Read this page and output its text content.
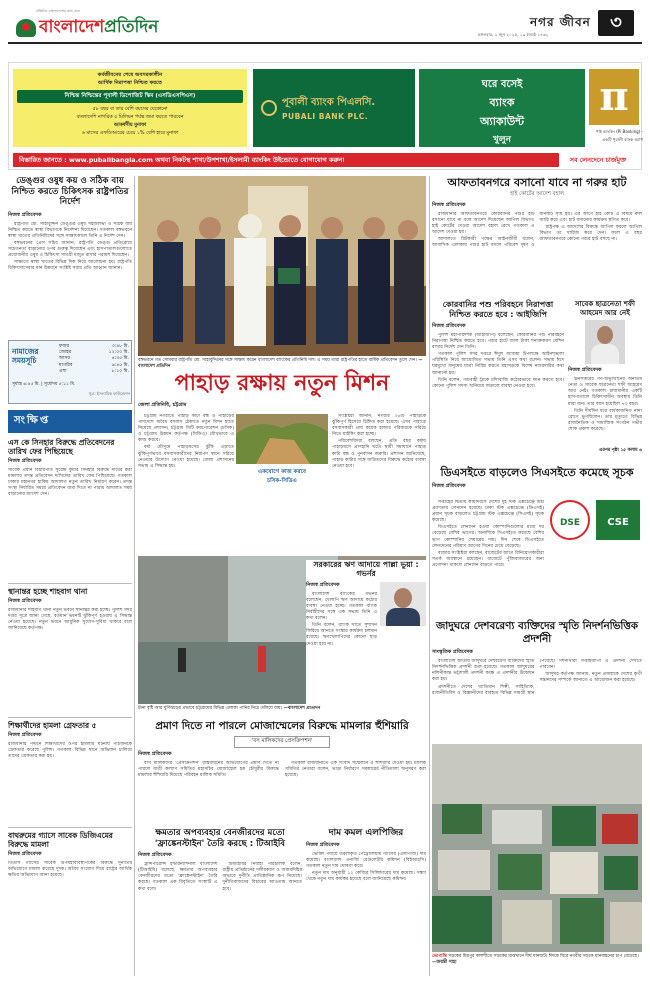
প্রতিদিন বাংলাদেশের কথা বলে
বাংলাদেশ প্রতিদিন	নগর জীবন	৩
মঙ্গলবার, ২ জুন ২০২৫, ১৯ জ্যৈষ্ঠ ১৪৩২
কর্মজীবনের শেষে অবসরকালীন
আর্থিক নিরাপত্তা নিশ্চিত করতে
নিশ্চিন্ত নিশ্চিন্তের পূবালী ডিপোজিট স্কিম (এসডিএসপিএস)
৫৮ বছর বা তার বেশি বয়সের যেকোনো
বাংলাদেশি নাগরিক ৫ মিলিয়ন পর্যন্ত জমা করতে পারবেন
আকর্ষণীয় মুনাফা
৬ মাসের এফডিআরের চেয়ে ১% বেশি হারে মুনাফা
পূবালী ব্যাংক পিএলসি.
PUBALI BANK PLC.
ঘরে বসেই
ব্যাংক
অ্যাকাউন্ট
খুলুন
π
পাই ব্যাংকিং (Pi Banking) -
একটি পূবালী ব্যাংক অ্যাপ
বিস্তারিত জানতে : www.pubalibangla.com অথবা নিকটস্থ শাখা/উপশাখা/ইসলামী ব্যাংকিং উইন্ডোতে যোগাযোগ করুন।	সব লেনদেনে চার্জমুক্ত
ডেঙ্গুর ওষুধ কয় ও সঠিক বায় নিশ্চিত করতে চিকিৎসক রাষ্ট্রপতির নির্দেশ
নিজস্ব প্রতিবেদক

রাষ্ট্রপতি মো. সাহাবুদ্দিন ডেঙ্গুর ওষুধ সহজলভ্য ও সঠিক ব্যয় নিশ্চিত করতে স্বাস্থ্য বিভাগকে নির্দেশনা দিয়েছেন। গতকাল বঙ্গভবনে স্বাস্থ্য খাতের প্রতিনিধিদের সঙ্গে সাক্ষাৎকালে তিনি এ নির্দেশ দেন।

বঙ্গভবনের প্রেস সচিব জানান, রাষ্ট্রপতি ডেঙ্গু প্রতিরোধে সচেতনতা বাড়ানোর ওপর গুরুত্ব দিয়েছেন এবং হাসপাতালগুলোতে প্রয়োজনীয় ওষুধ ও চিকিৎসা সামগ্রী মজুত রাখার পরামর্শ দিয়েছেন।

সাক্ষাতে স্বাস্থ্য খাতের বিভিন্ন দিক নিয়ে আলোচনা হয়। রাষ্ট্রপতি চিকিৎসাসেবার মান উন্নয়নে সংশ্লিষ্ট সবার প্রতি আহ্বান জানান।

বঙ্গভবনে গত সোমবার রাষ্ট্রপতি মো. সাহাবুদ্দিনের সঙ্গে সাক্ষাৎ করেন বাংলাদেশ ব্যাংকের প্রতিনিধি দল। এ সময় তারা রাষ্ট্রপতির হাতে বার্ষিক প্রতিবেদন তুলে দেন। —বাংলাদেশ প্রতিদিন
আফতাবনগরে বসানো যাবে না গরুর হাট
হাই কোর্টের আদেশ বহাল
নিজস্ব প্রতিবেদক

রাজধানীর আফতাবনগরে কোরবানির পশুর হাট বসানো যাবে না বলে আদেশ দিয়েছেন আপিল বিভাগ। হাই কোর্টের দেওয়া আদেশ বহাল রেখে গতকাল এ আদেশ দেওয়া হয়।

আদালতে রিটকারী পক্ষের আইনজীবী বলেন, আবাসিক এলাকায় পশুর হাট বসলে পরিবেশ দূষণ ও যানজট সৃষ্টি হয়। এর আগে হাই কোর্ট এ বিষয়ে রুল জারি করে এবং হাট বসানোর কার্যক্রম স্থগিত করে।

রাষ্ট্রপক্ষ এ আদেশের বিরুদ্ধে আপিল করলে আপিল বিভাগ তা খারিজ করে দেন। ফলে এ বছর আফতাবনগরে কোনো পশুর হাট বসছে না।

কোরবানির পশু পরিবহনে নিরাপত্তা নিশ্চিত করতে হবে : আইজিপি
নিজস্ব প্রতিবেদক

পুলিশ মহাপরিদর্শক (আইজিপি) বলেছেন, কোরবানির পশু পরিবহনে নিরাপত্তা নিশ্চিত করতে হবে। পশুর হাটে জাল টাকা শনাক্তকরণ মেশিন রাখার নির্দেশ দেন তিনি।

গতকাল পুলিশ সদর দপ্তরে ঈদুল আজহা উপলক্ষে আইনশৃঙ্খলা পরিস্থিতি নিয়ে আয়োজিত সভায় তিনি এসব কথা বলেন। সভায় ঈদে ঘরমুখো মানুষের যাত্রা নির্বিঘ্ন করতে মহাসড়কে বিশেষ নজরদারির কথা জানানো হয়।

তিনি বলেন, পশুবাহী ট্রাকে চাঁদাবাজি কঠোরভাবে দমন করতে হবে। কোনো পুলিশ সদস্য অনিয়মে জড়ালে ব্যবস্থা নেওয়া হবে।

সাবেক ছাত্রনেতা শফী আহমেদ আর নেই
নিজস্ব প্রতিবেদক

ঊনসত্তরের গণ-অভ্যুত্থানের অন্যতম নেতা ও সাবেক ছাত্রনেতা শফী আহমেদ আর নেই। গতকাল রাজধানীর একটি হাসপাতালে চিকিৎসাধীন অবস্থায় তিনি মারা যান। তার বয়স হয়েছিল ৭৩ বছর।

তিনি দীর্ঘদিন ধরে বার্ধক্যজনিত নানা রোগে ভুগছিলেন। তার মৃত্যুতে বিভিন্ন রাজনৈতিক ও সামাজিক সংগঠন গভীর শোক প্রকাশ করেছে।

এরপর পৃষ্ঠা ১৫ কলাম ৬
নামাজের সময়সূচি
ফজর	৩:৪৮ মি.
জোহর	১২:০০ মি.
আসর	৪:৩৫ মি.
মাগরিব	৬:৪৫ মি.
এশা	৮:১০ মি.
সূর্যাস্ত ৬:৪৫ মি. | সূর্যোদয় ৫:১১ মি.
সূত্র: ইসলামিক ফাউন্ডেশন
সংক্ষিপ্ত
এস কে সিনহার বিরুদ্ধে প্রতিবেদনের তারিখ ফের পিছিয়েছে
নিজস্ব প্রতিবেদক
সাবেক প্রধান বিচারপতি সুরেন্দ্র কুমার সিনহার বিরুদ্ধে দায়ের করা মামলায় তদন্ত প্রতিবেদন দাখিলের তারিখ ফের পিছিয়েছে। গতকাল ঢাকার মহানগর হাকিম আদালত নতুন তারিখ নির্ধারণ করেন। তদন্ত সংস্থা নির্ধারিত সময়ে প্রতিবেদন জমা দিতে না পারায় আদালত সময় বাড়ানোর আদেশ দেন।
স্থানান্তর হচ্ছে শাহবাগ থানা
নিজস্ব প্রতিবেদক
রাজধানীর শাহবাগ থানা নতুন ভবনে স্থানান্তর করা হচ্ছে। পুলিশ সদর দপ্তর সূত্রে জানা গেছে, বর্তমান ভবনটি ঝুঁকিপূর্ণ হওয়ায় এ সিদ্ধান্ত নেওয়া হয়েছে। নতুন ভবনে আধুনিক সুযোগ-সুবিধা থাকবে বলে জানিয়েছে কর্তৃপক্ষ।
শিক্ষার্থীদের হামলা গ্রেফতার ৫
নিজস্ব প্রতিবেদক
রাজধানীর পল্টনে শিক্ষার্থীদের ওপর হামলার ঘটনায় পাঁচজনকে গ্রেফতার করেছে পুলিশ। গতকাল বিভিন্ন স্থানে অভিযান চালিয়ে তাদের গ্রেফতার করা হয়।
বাথরুমের গ্যাসে সাবেক ডিজিএমের বিরুদ্ধে মামলা
নিজস্ব প্রতিবেদক
তিতাস গ্যাসের সাবেক উপমহাব্যবস্থাপকের বিরুদ্ধে দুর্নীতির অভিযোগে মামলা করেছে দুদক। অবৈধ সংযোগ দিয়ে রাষ্ট্রের আর্থিক ক্ষতির অভিযোগ আনা হয়েছে।
পাহাড় রক্ষায় নতুন মিশন
জেলা প্রতিনিধি, চট্টগ্রাম
একযোগে কাজ করবে
চসিক-সিডিএ

চট্টগ্রাম নগরীতে পাহাড় কাটা বন্ধ ও পাহাড়ের পাদদেশে অবৈধ বসবাস ঠেকাতে নতুন মিশন হাতে নিয়েছে প্রশাসন। চট্টগ্রাম সিটি করপোরেশন (চসিক) ও চট্টগ্রাম উন্নয়ন কর্তৃপক্ষ (সিডিএ) যৌথভাবে এ কাজ করবে।

বর্ষা মৌসুমে পাহাড়ধসের ঝুঁকি এড়াতে ঝুঁকিপূর্ণভাবে বসবাসকারীদের নিরাপদ স্থানে সরিয়ে নেওয়ার উদ্যোগ নেওয়া হয়েছে। জেলা প্রশাসনের সভায় এ সিদ্ধান্ত হয়।

সংশ্লিষ্টরা জানান, নগরীর ২৬টি পাহাড়কে ঝুঁকিপূর্ণ হিসেবে চিহ্নিত করা হয়েছে। এসব পাহাড়ে বসবাসকারী প্রায় কয়েক হাজার পরিবারকে সরিয়ে নিতে মাইকিং করা হচ্ছে।

পরিবেশবিদরা বলছেন, প্রতি বছর বর্ষায় পাহাড়ধসে প্রাণহানি ঘটে। স্থায়ী সমাধানে পাহাড় কাটা বন্ধ ও পুনর্বাসন জরুরি। প্রশাসন জানিয়েছে, পাহাড় কাটার সঙ্গে জড়িতদের বিরুদ্ধে কঠোর ব্যবস্থা নেওয়া হবে।

টানা বৃষ্টি আর ঘুর্ণিঝড়ের প্রভাবে চট্টগ্রামের বিভিন্ন এলাকা পানির নিচে তলিয়ে যায়। —বাংলাদেশ প্রতিদিন
প্রমাণ দিতে না পারলে মোজাম্মেলের বিরুদ্ধে মামলার হুঁশিয়ারি
'বস মালিকদের প্রেসক্রিপশন'
নিজস্ব প্রতিবেদক

বাস মালিকদের 'প্রেসক্রিপশন' বাস্তবায়নের অভিযোগের প্রমাণ দিতে না পারলে যাত্রী কল্যাণ সমিতির মহাসচিব মোজাম্মেল হক চৌধুরীর বিরুদ্ধে মামলার হুঁশিয়ারি দিয়েছে পরিবহন মালিক সমিতি।

গতকাল রাজধানীতে এক সংবাদ সম্মেলনে এ হুঁশিয়ারি দেওয়া হয়। মালিক সমিতির নেতারা বলেন, ভাড়া নির্ধারণে সরকারের নীতিমালা অনুসরণ করা হয়েছে।

সরকারের ঋণ আদায়ে পাল্লা ভুয়া : গভর্নর
নিজস্ব প্রতিবেদক

বাংলাদেশ ব্যাংকের গভর্নর বলেছেন, খেলাপি ঋণ আদায়ে কঠোর ব্যবস্থা নেওয়া হচ্ছে। গতকাল ব্যাংক নির্বাহীদের সঙ্গে এক সভায় তিনি এ কথা বলেন।

তিনি বলেন, ব্যাংক খাতে সুশাসন ফিরিয়ে আনতে সংস্কার কার্যক্রম চলমান রয়েছে। ঋণখেলাপিদের কোনো ছাড় দেওয়া হবে না।

দাম কমল এলপিজির
নিজস্ব প্রতিবেদক

ভোক্তা পর্যায়ে তরলীকৃত পেট্রোলিয়াম গ্যাসের (এলপিজি) দাম কমেছে। বাংলাদেশ এনার্জি রেগুলেটরি কমিশন (বিইআরসি) গতকাল নতুন দাম ঘোষণা করে।

নতুন দাম অনুযায়ী ১২ কেজির সিলিন্ডারের দাম কমেছে। সন্ধ্যা থেকে নতুন দাম কার্যকর হয়েছে বলে জানিয়েছে কমিশন।

ক্ষমতার অপব্যবহার বেনজীরদের মতো 'ফ্রাঙ্কেনস্টাইন' তৈরি করছে : টিআইবি
নিজস্ব প্রতিবেদক

ট্রান্সপারেন্সি ইন্টারন্যাশনাল বাংলাদেশ (টিআইবি) বলেছে, ক্ষমতার অপব্যবহার বেনজীরদের মতো 'ফ্রাঙ্কেনস্টাইন' তৈরি করছে। গতকাল এক বিবৃতিতে সংস্থাটি এ কথা বলে।

টিআইবির নির্বাহী পরিচালক বলেন, রাষ্ট্রীয় প্রতিষ্ঠানের দলীয়করণ ও জবাবদিহির অভাবে দুর্নীতি প্রাতিষ্ঠানিক রূপ নিয়েছে। দুর্নীতিবাজদের বিচারের আওতায় আনতে হবে।

ডিএসইতে বাড়লেও সিএসইতে কমেছে সূচক
নিজস্ব প্রতিবেদক

সপ্তাহের দ্বিতীয় কার্যদিবসে দেশের দুই স্টক এক্সচেঞ্জে মিশ্র প্রবণতায় লেনদেন হয়েছে। ঢাকা স্টক এক্সচেঞ্জে (ডিএসই) প্রধান সূচক বাড়লেও চট্টগ্রাম স্টক এক্সচেঞ্জে (সিএসই) সূচক কমেছে।

ডিএসইতে লেনদেন হওয়া কোম্পানিগুলোর মধ্যে দর বেড়েছে বেশির ভাগের। অন্যদিকে সিএসইতে কমেছে বেশির ভাগ কোম্পানির শেয়ারের দাম। দিন শেষে ডিএসইতে লেনদেনের পরিমাণ আগের দিনের চেয়ে বেড়েছে।

বাজার সংশ্লিষ্টরা বলছেন, বাজেটের আগে বিনিয়োগকারীরা সতর্ক অবস্থানে রয়েছেন। বাজেটে পুঁজিবাজারের জন্য প্রণোদনা থাকলে লেনদেন বাড়তে পারে।

DSE	CSE
জাদুঘরে দেশবরেণ্য ব্যক্তিদের স্মৃতি নিদর্শনভিত্তিক প্রদর্শনী
সাংস্কৃতিক প্রতিবেদক

বাংলাদেশ জাতীয় জাদুঘরে দেশবরেণ্য ব্যক্তিদের স্মৃতি নিদর্শনভিত্তিক প্রদর্শনী শুরু হয়েছে। গতকাল জাদুঘরের নলিনীকান্ত ভট্টশালী প্রদর্শনী কক্ষে এ প্রদর্শনীর উদ্বোধন করা হয়।

প্রদর্শনীতে দেশের খ্যাতিমান শিল্পী, সাহিত্যিক, রাজনীতিবিদ ও বিজ্ঞানীদের ব্যবহৃত বিভিন্ন সামগ্রী স্থান পেয়েছে। দর্শনার্থীরা সপ্তাহব্যাপী এ প্রদর্শনী দেখতে পারবেন।

জাদুঘর কর্তৃপক্ষ জানায়, নতুন প্রজন্মকে দেশের কৃতী সন্তানদের সম্পর্কে জানাতে এ আয়োজন করা হয়েছে।

ভোগান্তি সড়কের মিরপুর কালশীতে সড়কের মাঝখানে দীর্ঘ যানজট। ঈদকে ঘিরে নগরীর সড়কে যানবাহনের চাপ বেড়েছে। —জয়ন্তী সাহা
